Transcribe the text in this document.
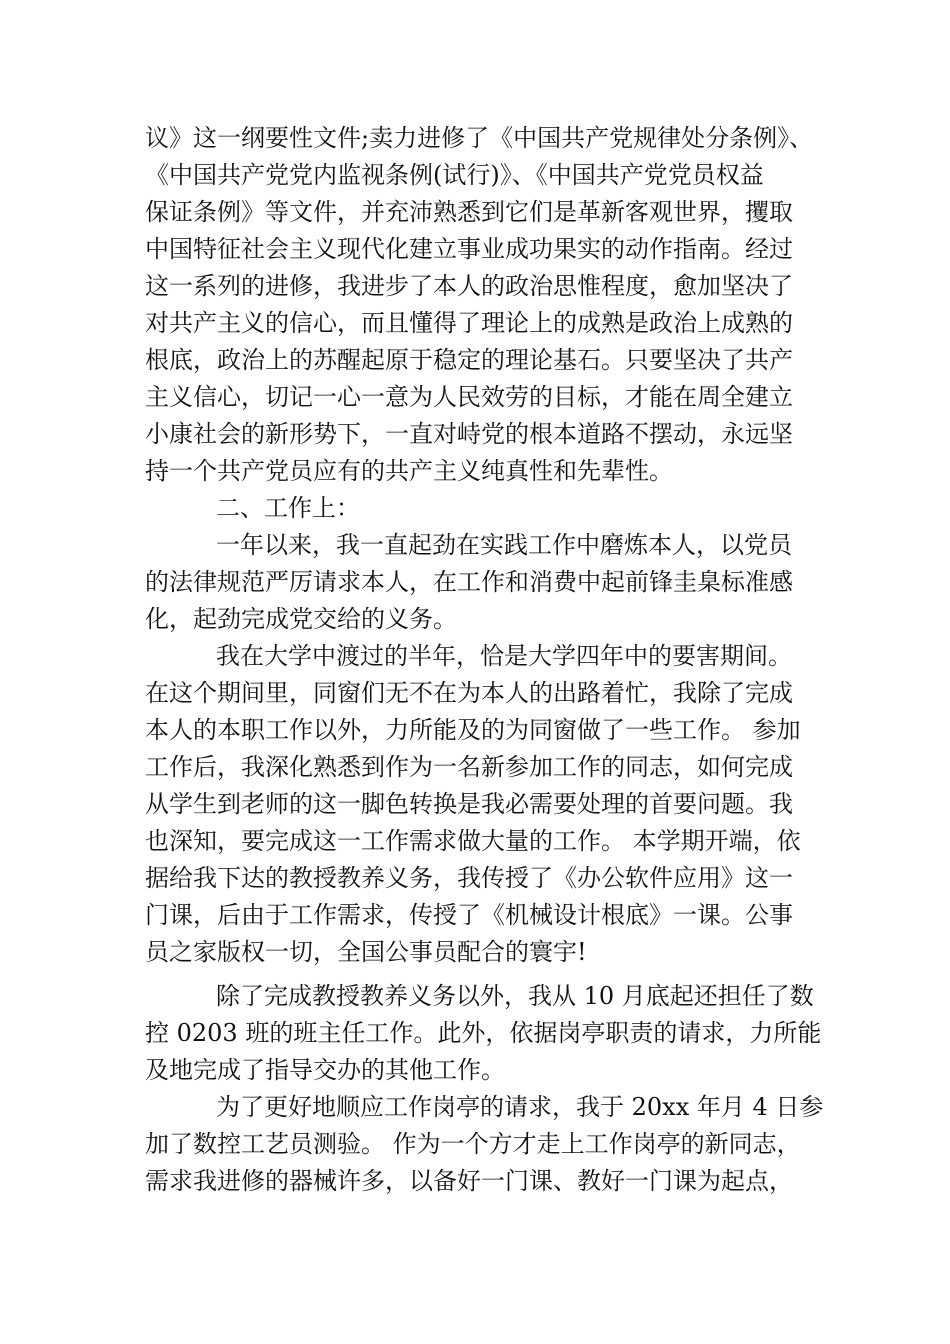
议》这一纲要性文件;卖力进修了《中国共产党规律处分条例》、
《中国共产党党内监视条例(试行)》、《中国共产党党员权益
保证条例》等文件，并充沛熟悉到它们是革新客观世界，攫取
中国特征社会主义现代化建立事业成功果实的动作指南。经过
这一系列的进修，我进步了本人的政治思惟程度，愈加坚决了
对共产主义的信心，而且懂得了理论上的成熟是政治上成熟的
根底，政治上的苏醒起原于稳定的理论基石。只要坚决了共产
主义信心，切记一心一意为人民效劳的目标，才能在周全建立
小康社会的新形势下，一直对峙党的根本道路不摆动，永远坚
持一个共产党员应有的共产主义纯真性和先辈性。
二、工作上：
一年以来，我一直起劲在实践工作中磨炼本人，以党员
的法律规范严厉请求本人，在工作和消费中起前锋圭臬标准感
化，起劲完成党交给的义务。
我在大学中渡过的半年，恰是大学四年中的要害期间。
在这个期间里，同窗们无不在为本人的出路着忙，我除了完成
本人的本职工作以外，力所能及的为同窗做了一些工作。 参加
工作后，我深化熟悉到作为一名新参加工作的同志，如何完成
从学生到老师的这一脚色转换是我必需要处理的首要问题。我
也深知，要完成这一工作需求做大量的工作。 本学期开端，依
据给我下达的教授教养义务，我传授了《办公软件应用》这一
门课，后由于工作需求，传授了《机械设计根底》一课。公事
员之家版权一切，全国公事员配合的寰宇!
除了完成教授教养义务以外，我从 10 月底起还担任了数
控 0203 班的班主任工作。此外，依据岗亭职责的请求，力所能
及地完成了指导交办的其他工作。
为了更好地顺应工作岗亭的请求，我于 20xx 年月 4 日参
加了数控工艺员测验。 作为一个方才走上工作岗亭的新同志，
需求我进修的器械许多，以备好一门课、教好一门课为起点，
